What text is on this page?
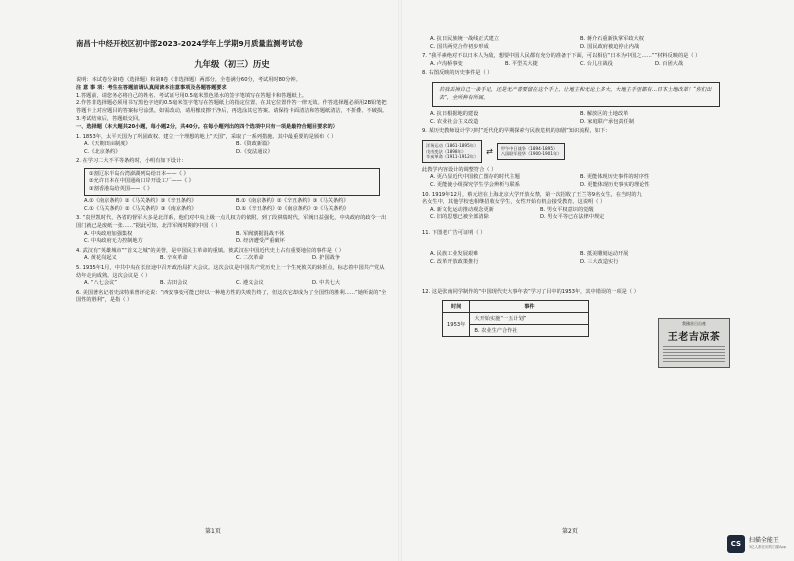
南昌十中经开校区初中部2023-2024学年上学期9月质量监测考试卷
九年级（初三）历史
说明：本试卷分第Ⅰ卷（选择题）和第Ⅱ卷（非选择题）两部分，全卷满分60分，考试用时80分钟。
注 意 事 项：考生在答题前请认真阅读本注意事项及各题答题要求
1.答题前，请您务必将自己的姓名、考试证号用0.5毫米黑色墨水的签字笔填写在答题卡和答题纸上。
2.作答非选择题必须用书写黑色字迹的0.5毫米签字笔写在答题纸上的指定位置，在其它位置作答一律无效。作答选择题必须用2B铅笔把答题卡上对应题目的答案标号涂黑。如需改动，请用橡皮擦干净后，再选涂其它答案。请保持卡面清洁和答题纸清洁，不折叠、不破损。
3.考试结束后，答题纸交回。
一、选择题（本大题共20小题，每小题2分，共40分。在每小题列出的四个选项中只有一项是最符合题目要求的）
1. 1853年，太平天国为了巩固政权、建立一个理想的地上“天国”，采取了一系列措施。其中最重要的是颁布（ ）
A.《天朝田亩制度》	B.《资政新篇》
C.《北京条约》	D.《变法通议》
2. 在学习二大不平等条约时，小明有如下设计：
①割辽东半岛台湾澎湖列岛给日本——《 》
②允许日本在中国通商口岸开设工厂——《 》
③割香港岛给英国——《 》
A.①《南京条约》②《马关条约》③《辛丑条约》	B.①《南京条约》②《辛丑条约》③《马关条约》
C.①《马关条约》②《马关条约》③《南京条约》	D.①《辛丑条约》②《南京条约》③《马关条约》
3. “袁世凯时代，各省的督军大多是北洋系，他们对中央上级一点儿权力的依附。到了段祺瑞时代，军阀日益强化，中央政府的政令一出国门就已是废纸一张……”据此可知，北洋军阀时期的中国（ ）
A. 中央政府加强集权	B. 军阀割据混战不休
C. 中央政府无力控制地方	D. 经济遭受严重破坏
4. 武汉有“英雄城市”“首义之城”的美誉，是中国民主革命的重镇。彼武汉在中国近代史上占有重要地位的事件是（ ）
A. 黄花岗起义	B. 辛亥革命	C. 二次革命	D. 护国战争
5. 1935年1月，中共中央在长征途中召开政治局扩大会议。这次会议是中国共产党历史上一个生死攸关的转折点，标志着中国共产党从幼年走向成熟。这次会议是（ ）
A. “八七会议”	B. 古田会议	C. 遵义会议	D. 中共七大
6. 美国著名记者史沫特莱曾评论说：“西安事变可能已经以一种地方性的失败告终了，但这次它却成为了全国性的胜利……”她所说的“全国性的胜利”，是指（ ）
第1页
A. 抗日民族统一战线正式建立	B. 蒋介石重新执掌军政大权
C. 国共两党合作初步形成	D. 国民政府被迫停止内战
7. “我平素绝对不以日本人为敌，想要中国人民都有充分的准备于下面，可以相信“日本为中国之……””材料反映的是（ ）
A. 卢沟桥事变	B. 平型关大捷	C. 台儿庄战役	D. 百团大战
8. 右图反映的历史事件是（ ）
若我丢掉自己一条手足，还是无产者要留在这个手上，让地主和无论上多大，大地主手里都有…日本土地改革！“你们出去”，全所种有所属。
A. 抗日根据地的建设	B. 解放区的土地改革
C. 农业社会主义改造	D. 家庭联产承包责任制
9. 某历史教师设计学习时“近代化的早期探索与民族危机的加剧”知识流程，如下：
洋务运动（1861-1895年）
戊戌变法（1898年）
辛亥革命（1911-1912年）
⇄ 甲午中日战争（1894-1895）
八国联军侵华（1900-1901年）
此教学内容设计的调整符合（ ）
A. 更凸显近代中国救亡图存的时代主题	B. 更能体现历史事件的时序性
C. 更能使小组探究学生学会辨析与联系	D. 更能体现历史事实的理论性
10. 1919年12月，蔡元培在上海北京大学开放女禁，第一次招收了王兰等9名女生，在当时的九名女生中，其他学校也相继招收女学生，女性开始有机会接受教育。这说明（ ）
A. 新文化运动推动观念更新	B. 男女平权意识的觉醒
C. 旧的思想已被全部清除	D. 男女平等已在法律中规定
11. 下图老广告可证明（ ）
A. 民族工业发展艰难	B. 抵美雕刻运动开展
C. 改革开放政策推行	D. 三大改造实行
12. 这是张南同学制作的“中国现代史大事年表”学习了目中的1953年，其中错误的一项是（ ）
时间	事件
1953年	大开始实施“一五计划”
	B. 农业生产合作社
第2页
我國首日自產
王老吉凉茶
CS	扫描全能王
3亿人都在用的扫描App
